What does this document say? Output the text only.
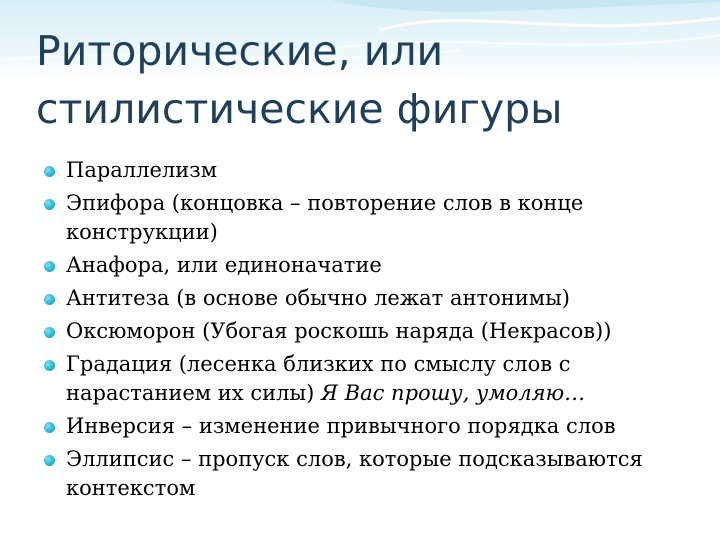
Риторические, или
стилистические фигуры
Параллелизм
Эпифора (концовка – повторение слов в конце конструкции)
Анафора, или единоначатие
Антитеза (в основе обычно лежат антонимы)
Оксюморон (Убогая роскошь наряда (Некрасов))
Градация (лесенка близких по смыслу слов с нарастанием их силы) Я Вас прошу, умоляю…
Инверсия – изменение привычного порядка слов
Эллипсис – пропуск слов, которые подсказываются контекстом
